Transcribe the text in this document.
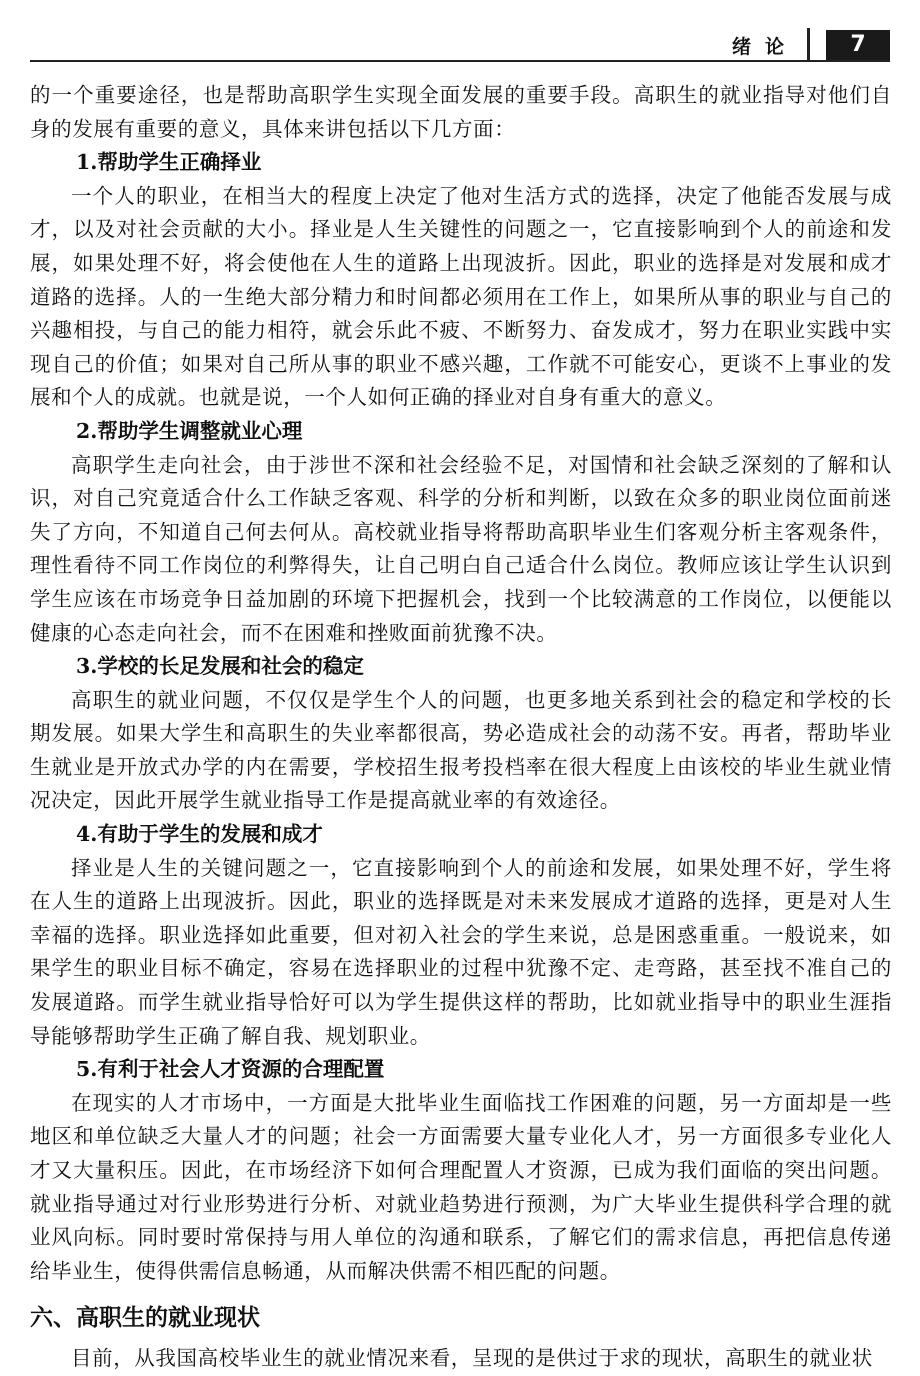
绪论	7

的一个重要途径，也是帮助高职学生实现全面发展的重要手段。高职生的就业指导对他们自身的发展有重要的意义，具体来讲包括以下几方面：

1.帮助学生正确择业

一个人的职业，在相当大的程度上决定了他对生活方式的选择，决定了他能否发展与成才，以及对社会贡献的大小。择业是人生关键性的问题之一，它直接影响到个人的前途和发展，如果处理不好，将会使他在人生的道路上出现波折。因此，职业的选择是对发展和成才道路的选择。人的一生绝大部分精力和时间都必须用在工作上，如果所从事的职业与自己的兴趣相投，与自己的能力相符，就会乐此不疲、不断努力、奋发成才，努力在职业实践中实现自己的价值；如果对自己所从事的职业不感兴趣，工作就不可能安心，更谈不上事业的发展和个人的成就。也就是说，一个人如何正确的择业对自身有重大的意义。

2.帮助学生调整就业心理

高职学生走向社会，由于涉世不深和社会经验不足，对国情和社会缺乏深刻的了解和认识，对自己究竟适合什么工作缺乏客观、科学的分析和判断，以致在众多的职业岗位面前迷失了方向，不知道自己何去何从。高校就业指导将帮助高职毕业生们客观分析主客观条件，理性看待不同工作岗位的利弊得失，让自己明白自己适合什么岗位。教师应该让学生认识到学生应该在市场竞争日益加剧的环境下把握机会，找到一个比较满意的工作岗位，以便能以健康的心态走向社会，而不在困难和挫败面前犹豫不决。

3.学校的长足发展和社会的稳定

高职生的就业问题，不仅仅是学生个人的问题，也更多地关系到社会的稳定和学校的长期发展。如果大学生和高职生的失业率都很高，势必造成社会的动荡不安。再者，帮助毕业生就业是开放式办学的内在需要，学校招生报考投档率在很大程度上由该校的毕业生就业情况决定，因此开展学生就业指导工作是提高就业率的有效途径。

4.有助于学生的发展和成才

择业是人生的关键问题之一，它直接影响到个人的前途和发展，如果处理不好，学生将在人生的道路上出现波折。因此，职业的选择既是对未来发展成才道路的选择，更是对人生幸福的选择。职业选择如此重要，但对初入社会的学生来说，总是困惑重重。一般说来，如果学生的职业目标不确定，容易在选择职业的过程中犹豫不定、走弯路，甚至找不准自己的发展道路。而学生就业指导恰好可以为学生提供这样的帮助，比如就业指导中的职业生涯指导能够帮助学生正确了解自我、规划职业。

5.有利于社会人才资源的合理配置

在现实的人才市场中，一方面是大批毕业生面临找工作困难的问题，另一方面却是一些地区和单位缺乏大量人才的问题；社会一方面需要大量专业化人才，另一方面很多专业化人才又大量积压。因此，在市场经济下如何合理配置人才资源，已成为我们面临的突出问题。就业指导通过对行业形势进行分析、对就业趋势进行预测，为广大毕业生提供科学合理的就业风向标。同时要时常保持与用人单位的沟通和联系，了解它们的需求信息，再把信息传递给毕业生，使得供需信息畅通，从而解决供需不相匹配的问题。

六、高职生的就业现状

目前，从我国高校毕业生的就业情况来看，呈现的是供过于求的现状，高职生的就业状
